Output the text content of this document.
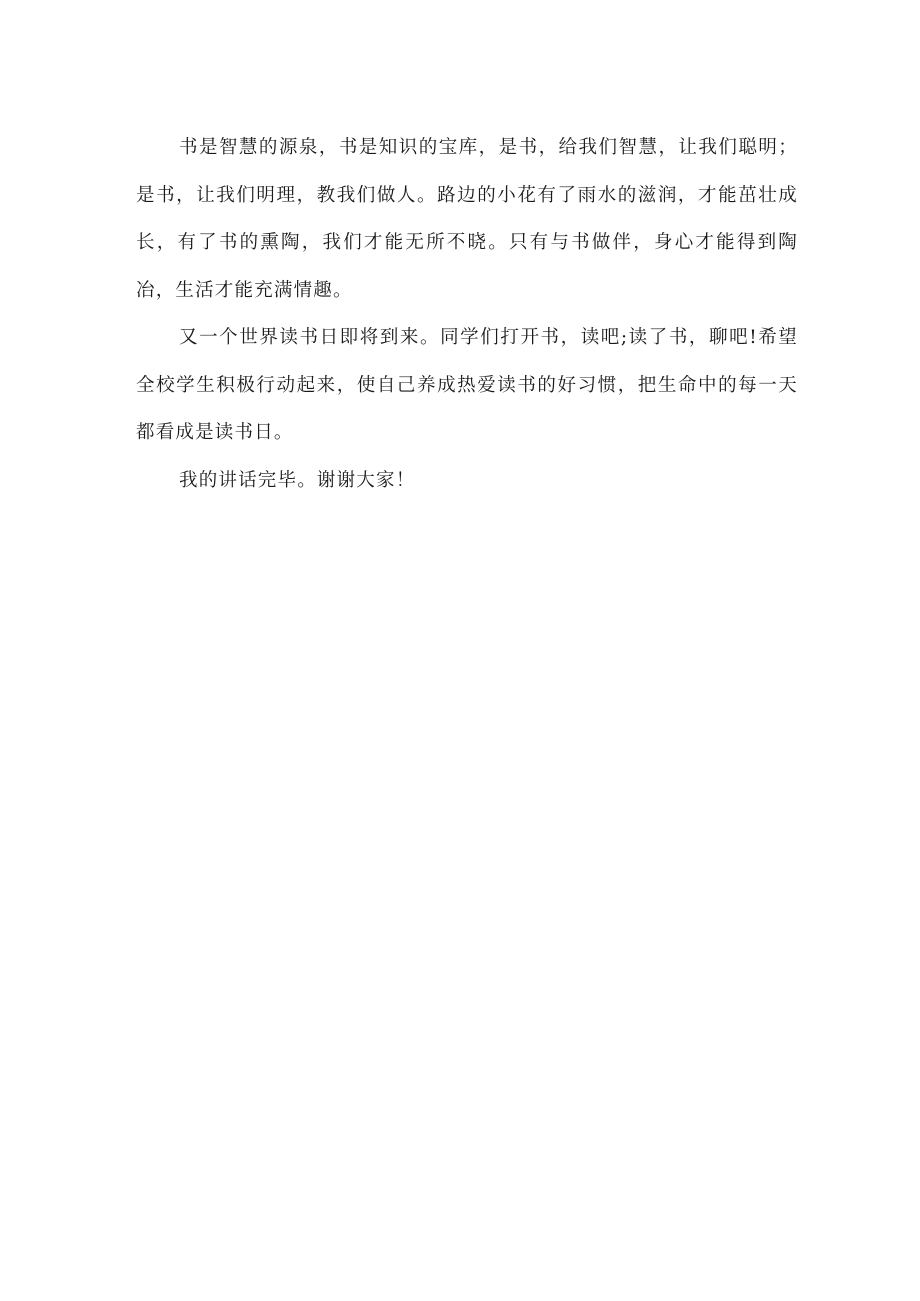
书是智慧的源泉，书是知识的宝库，是书，给我们智慧，让我们聪明；是书，让我们明理，教我们做人。路边的小花有了雨水的滋润，才能茁壮成长，有了书的熏陶，我们才能无所不晓。只有与书做伴，身心才能得到陶冶，生活才能充满情趣。

又一个世界读书日即将到来。同学们打开书，读吧;读了书，聊吧!希望全校学生积极行动起来，使自己养成热爱读书的好习惯，把生命中的每一天都看成是读书日。

我的讲话完毕。谢谢大家！
